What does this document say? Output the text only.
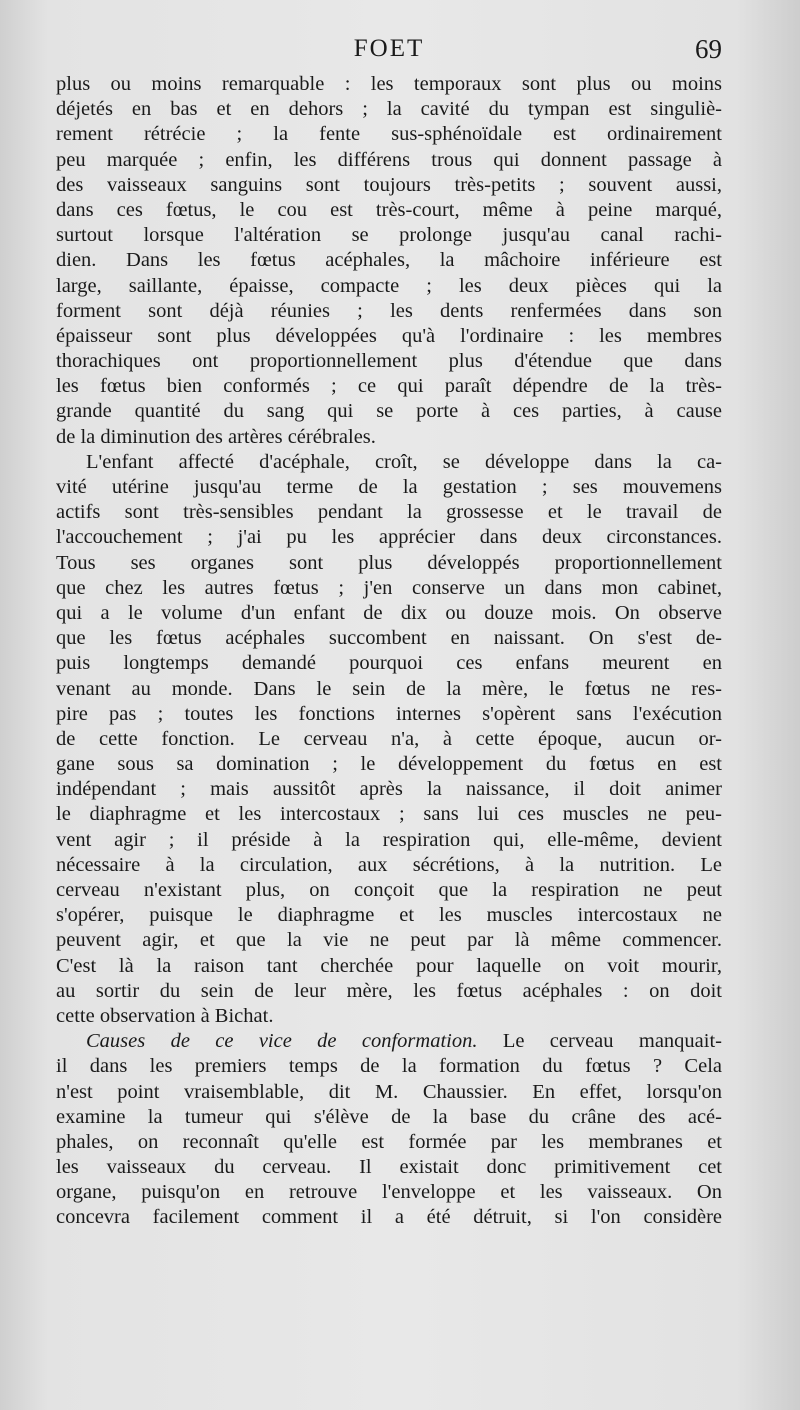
FOET	69
plus ou moins remarquable : les temporaux sont plus ou moins
déjetés en bas et en dehors ; la cavité du tympan est singuliè-
rement rétrécie ; la fente sus-sphénoïdale est ordinairement
peu marquée ; enfin, les différens trous qui donnent passage à
des vaisseaux sanguins sont toujours très-petits ; souvent aussi,
dans ces fœtus, le cou est très-court, même à peine marqué,
surtout lorsque l'altération se prolonge jusqu'au canal rachi-
dien. Dans les fœtus acéphales, la mâchoire inférieure est
large, saillante, épaisse, compacte ; les deux pièces qui la
forment sont déjà réunies ; les dents renfermées dans son
épaisseur sont plus développées qu'à l'ordinaire : les membres
thorachiques ont proportionnellement plus d'étendue que dans
les fœtus bien conformés ; ce qui paraît dépendre de la très-
grande quantité du sang qui se porte à ces parties, à cause
de la diminution des artères cérébrales.
L'enfant affecté d'acéphale, croît, se développe dans la ca-
vité utérine jusqu'au terme de la gestation ; ses mouvemens
actifs sont très-sensibles pendant la grossesse et le travail de
l'accouchement ; j'ai pu les apprécier dans deux circonstances.
Tous ses organes sont plus développés proportionnellement
que chez les autres fœtus ; j'en conserve un dans mon cabinet,
qui a le volume d'un enfant de dix ou douze mois. On observe
que les fœtus acéphales succombent en naissant. On s'est de-
puis longtemps demandé pourquoi ces enfans meurent en
venant au monde. Dans le sein de la mère, le fœtus ne res-
pire pas ; toutes les fonctions internes s'opèrent sans l'exécution
de cette fonction. Le cerveau n'a, à cette époque, aucun or-
gane sous sa domination ; le développement du fœtus en est
indépendant ; mais aussitôt après la naissance, il doit animer
le diaphragme et les intercostaux ; sans lui ces muscles ne peu-
vent agir ; il préside à la respiration qui, elle-même, devient
nécessaire à la circulation, aux sécrétions, à la nutrition. Le
cerveau n'existant plus, on conçoit que la respiration ne peut
s'opérer, puisque le diaphragme et les muscles intercostaux ne
peuvent agir, et que la vie ne peut par là même commencer.
C'est là la raison tant cherchée pour laquelle on voit mourir,
au sortir du sein de leur mère, les fœtus acéphales : on doit
cette observation à Bichat.
Causes de ce vice de conformation. Le cerveau manquait-
il dans les premiers temps de la formation du fœtus ? Cela
n'est point vraisemblable, dit M. Chaussier. En effet, lorsqu'on
examine la tumeur qui s'élève de la base du crâne des acé-
phales, on reconnaît qu'elle est formée par les membranes et
les vaisseaux du cerveau. Il existait donc primitivement cet
organe, puisqu'on en retrouve l'enveloppe et les vaisseaux. On
concevra facilement comment il a été détruit, si l'on considère
